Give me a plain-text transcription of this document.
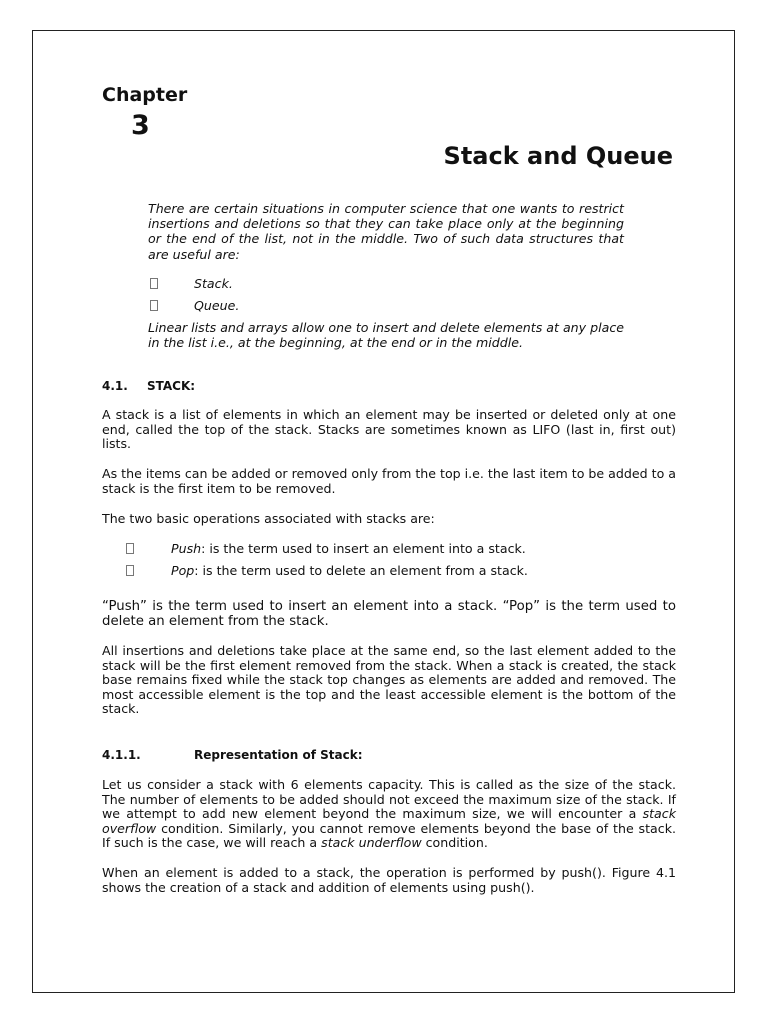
Chapter
3
Stack and Queue

There are certain situations in computer science that one wants to restrict insertions and deletions so that they can take place only at the beginning or the end of the list, not in the middle. Two of such data structures that are useful are:

Stack.
Queue.

Linear lists and arrays allow one to insert and delete elements at any place in the list i.e., at the beginning, at the end or in the middle.

4.1. STACK:

A stack is a list of elements in which an element may be inserted or deleted only at one end, called the top of the stack. Stacks are sometimes known as LIFO (last in, first out) lists.

As the items can be added or removed only from the top i.e. the last item to be added to a stack is the first item to be removed.

The two basic operations associated with stacks are:

Push: is the term used to insert an element into a stack.
Pop: is the term used to delete an element from a stack.

“Push” is the term used to insert an element into a stack. “Pop” is the term used to delete an element from the stack.

All insertions and deletions take place at the same end, so the last element added to the stack will be the first element removed from the stack. When a stack is created, the stack base remains fixed while the stack top changes as elements are added and removed. The most accessible element is the top and the least accessible element is the bottom of the stack.

4.1.1.	Representation of Stack:

Let us consider a stack with 6 elements capacity. This is called as the size of the stack. The number of elements to be added should not exceed the maximum size of the stack. If we attempt to add new element beyond the maximum size, we will encounter a stack overflow condition. Similarly, you cannot remove elements beyond the base of the stack. If such is the case, we will reach a stack underflow condition.

When an element is added to a stack, the operation is performed by push(). Figure 4.1 shows the creation of a stack and addition of elements using push().
